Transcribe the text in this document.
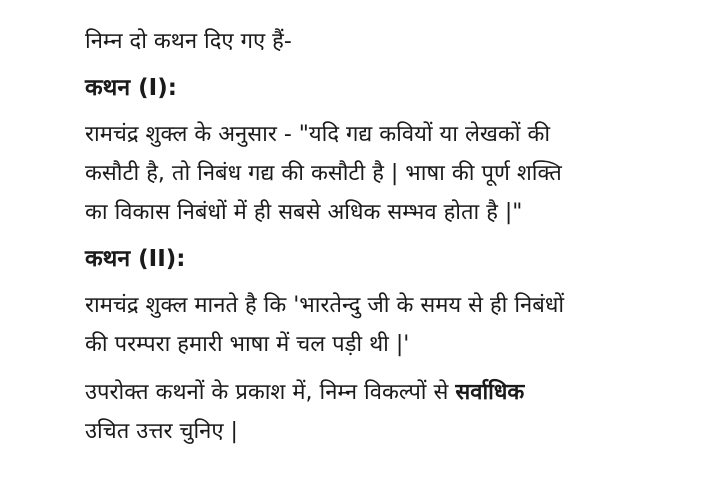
निम्न दो कथन दिए गए हैं-
कथन (I):
रामचंद्र शुक्ल के अनुसार - "यदि गद्य कवियों या लेखकों की
कसौटी है, तो निबंध गद्य की कसौटी है | भाषा की पूर्ण शक्ति
का विकास निबंधों में ही सबसे अधिक सम्भव होता है |"
कथन (II):
रामचंद्र शुक्ल मानते है कि 'भारतेन्दु जी के समय से ही निबंधों
की परम्परा हमारी भाषा में चल पड़ी थी |'
उपरोक्त कथनों के प्रकाश में, निम्न विकल्पों से सर्वाधिक
उचित उत्तर चुनिए |
